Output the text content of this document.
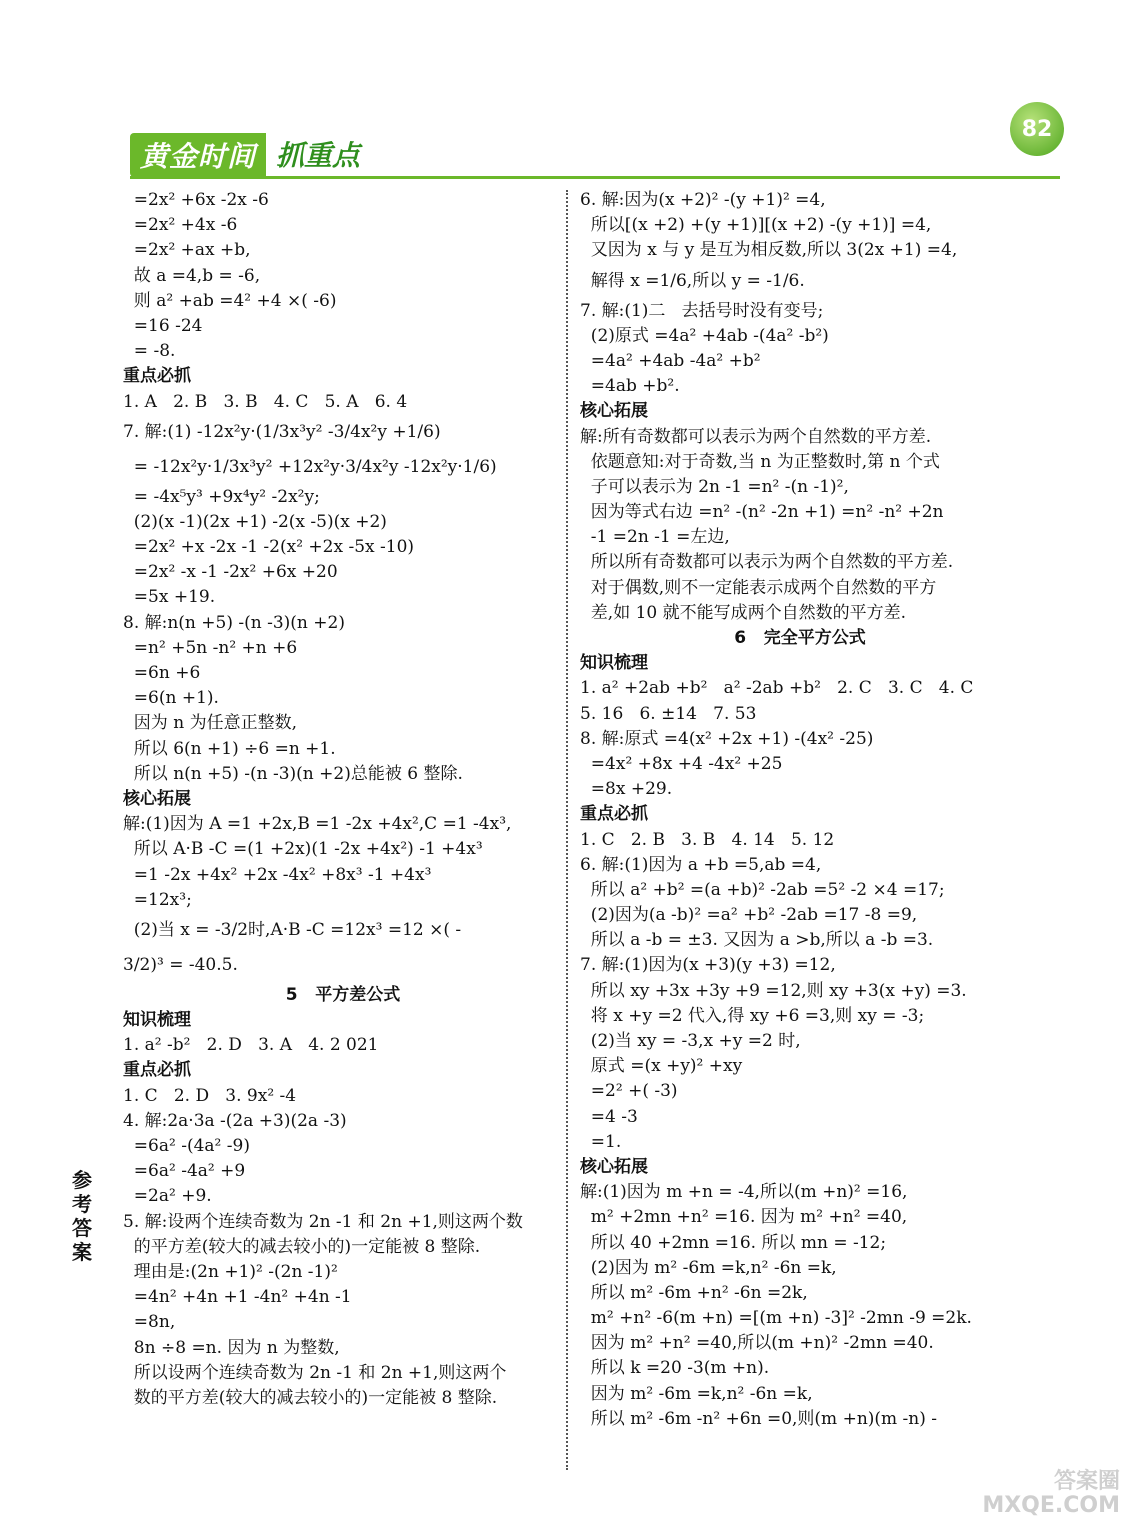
黄金时间 抓重点
82
=2x² +6x -2x -6
=2x² +4x -6
=2x² +ax +b,
故 a =4,b = -6,
则 a² +ab =4² +4 ×( -6)
=16 -24
= -8.
重点必抓
1. A   2. B   3. B   4. C   5. A   6. 4
7. 解:(1) -12x²y·(1/3x³y² -3/4x²y +1/6)
= -12x²y·1/3x³y² +12x²y·3/4x²y -12x²y·1/6)
= -4x⁵y³ +9x⁴y² -2x²y;
(2)(x -1)(2x +1) -2(x -5)(x +2)
=2x² +x -2x -1 -2(x² +2x -5x -10)
=2x² -x -1 -2x² +6x +20
=5x +19.
8. 解:n(n +5) -(n -3)(n +2)
=n² +5n -n² +n +6
=6n +6
=6(n +1).
因为 n 为任意正整数,
所以 6(n +1) ÷6 =n +1.
所以 n(n +5) -(n -3)(n +2)总能被 6 整除.
核心拓展
解:(1)因为 A =1 +2x,B =1 -2x +4x²,C =1 -4x³,
所以 A·B -C =(1 +2x)(1 -2x +4x²) -1 +4x³
=1 -2x +4x² +2x -4x² +8x³ -1 +4x³
=12x³;
(2)当 x = -3/2时,A·B -C =12x³ =12 ×( -
3/2)³ = -40.5.
5   平方差公式
知识梳理
1. a² -b²   2. D   3. A   4. 2 021
重点必抓
1. C   2. D   3. 9x² -4
4. 解:2a·3a -(2a +3)(2a -3)
=6a² -(4a² -9)
=6a² -4a² +9
=2a² +9.
5. 解:设两个连续奇数为 2n -1 和 2n +1,则这两个数
的平方差(较大的减去较小的)一定能被 8 整除.
理由是:(2n +1)² -(2n -1)²
=4n² +4n +1 -4n² +4n -1
=8n,
8n ÷8 =n. 因为 n 为整数,
所以设两个连续奇数为 2n -1 和 2n +1,则这两个
数的平方差(较大的减去较小的)一定能被 8 整除.
6. 解:因为(x +2)² -(y +1)² =4,
所以[(x +2) +(y +1)][(x +2) -(y +1)] =4,
又因为 x 与 y 是互为相反数,所以 3(2x +1) =4,
解得 x =1/6,所以 y = -1/6.
7. 解:(1)二   去括号时没有变号;
(2)原式 =4a² +4ab -(4a² -b²)
=4a² +4ab -4a² +b²
=4ab +b².
核心拓展
解:所有奇数都可以表示为两个自然数的平方差.
依题意知:对于奇数,当 n 为正整数时,第 n 个式
子可以表示为 2n -1 =n² -(n -1)²,
因为等式右边 =n² -(n² -2n +1) =n² -n² +2n
-1 =2n -1 =左边,
所以所有奇数都可以表示为两个自然数的平方差.
对于偶数,则不一定能表示成两个自然数的平方
差,如 10 就不能写成两个自然数的平方差.
6   完全平方公式
知识梳理
1. a² +2ab +b²   a² -2ab +b²   2. C   3. C   4. C
5. 16   6. ±14   7. 53
8. 解:原式 =4(x² +2x +1) -(4x² -25)
=4x² +8x +4 -4x² +25
=8x +29.
重点必抓
1. C   2. B   3. B   4. 14   5. 12
6. 解:(1)因为 a +b =5,ab =4,
所以 a² +b² =(a +b)² -2ab =5² -2 ×4 =17;
(2)因为(a -b)² =a² +b² -2ab =17 -8 =9,
所以 a -b = ±3. 又因为 a >b,所以 a -b =3.
7. 解:(1)因为(x +3)(y +3) =12,
所以 xy +3x +3y +9 =12,则 xy +3(x +y) =3.
将 x +y =2 代入,得 xy +6 =3,则 xy = -3;
(2)当 xy = -3,x +y =2 时,
原式 =(x +y)² +xy
=2² +( -3)
=4 -3
=1.
核心拓展
解:(1)因为 m +n = -4,所以(m +n)² =16,
m² +2mn +n² =16. 因为 m² +n² =40,
所以 40 +2mn =16. 所以 mn = -12;
(2)因为 m² -6m =k,n² -6n =k,
所以 m² -6m +n² -6n =2k,
m² +n² -6(m +n) =[(m +n) -3]² -2mn -9 =2k.
因为 m² +n² =40,所以(m +n)² -2mn =40.
所以 k =20 -3(m +n).
因为 m² -6m =k,n² -6n =k,
所以 m² -6m -n² +6n =0,则(m +n)(m -n) -
参
考
答
案
答案圈
MXQE.COM
